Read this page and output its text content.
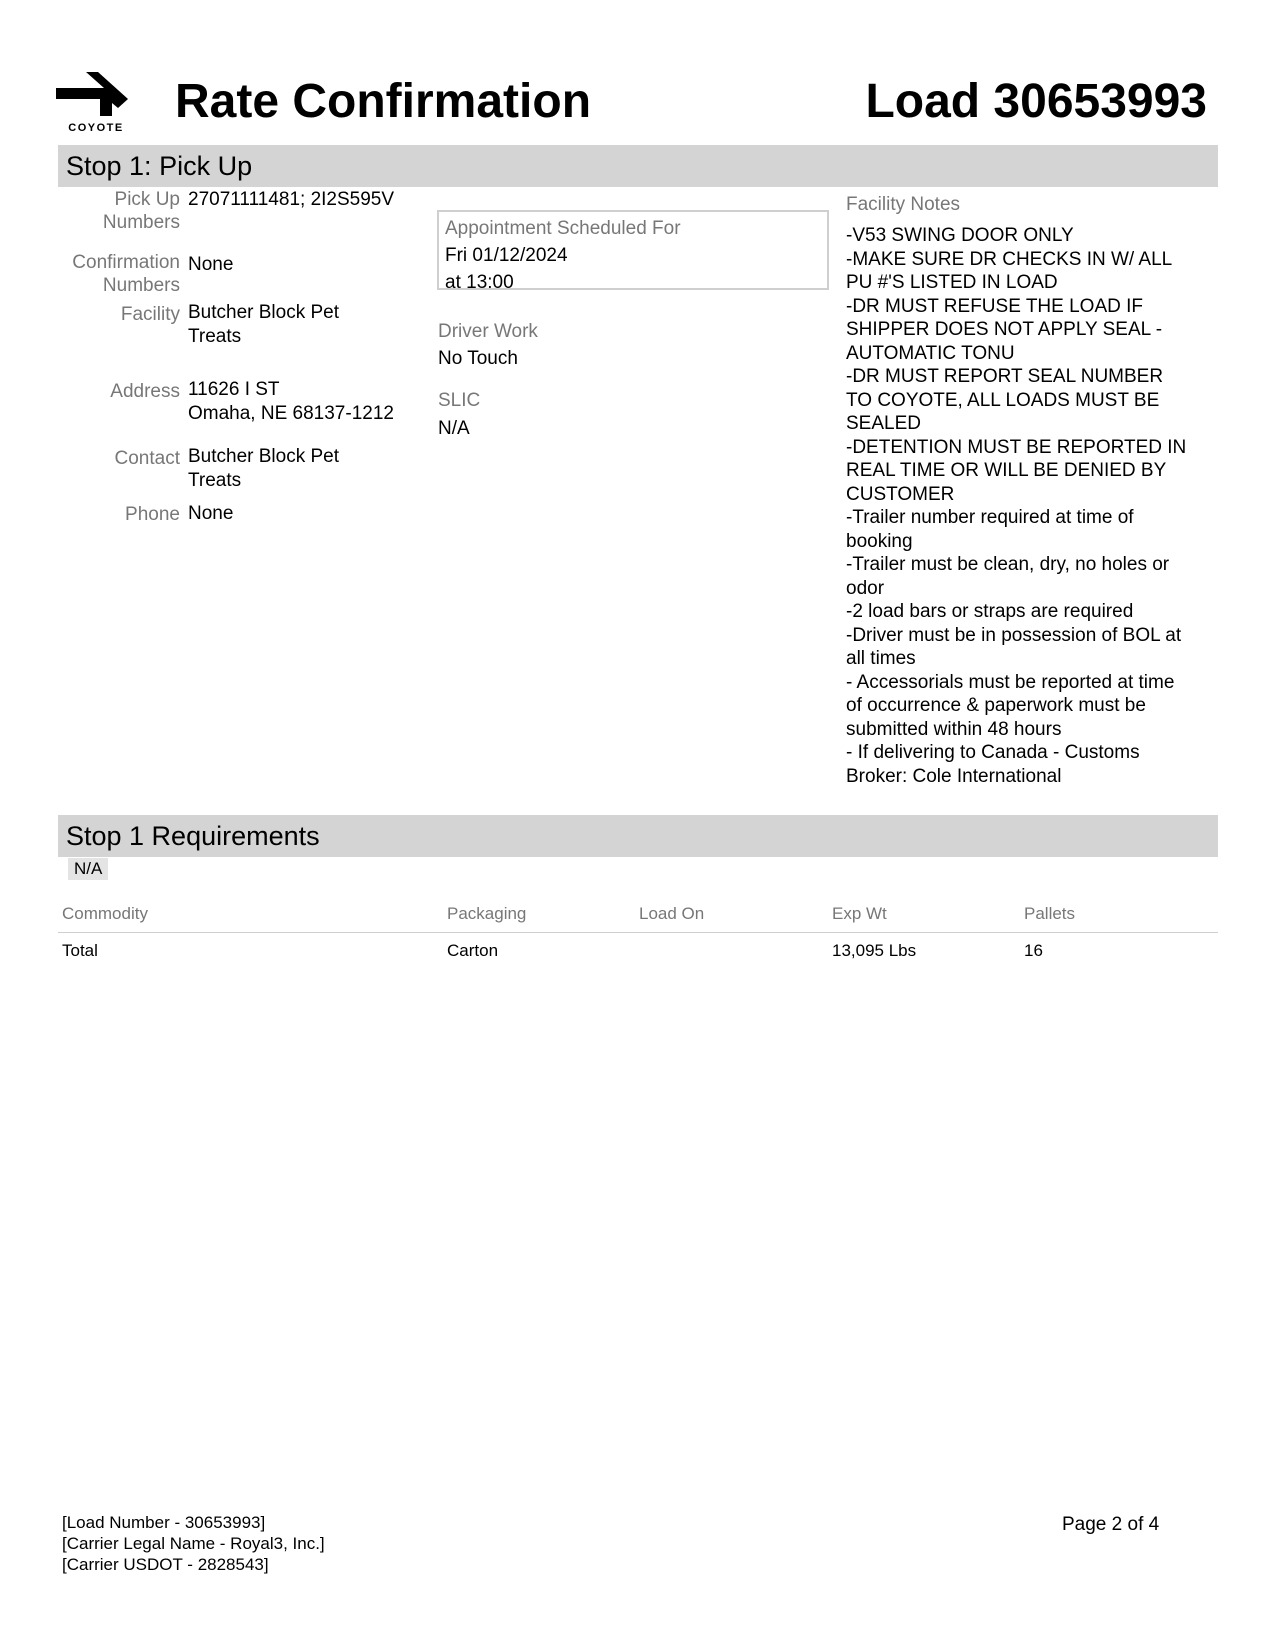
COYOTE Rate Confirmation	Load 30653993
Stop 1: Pick Up
Pick Up
Numbers
27071111481; 2I2S595V
Confirmation
Numbers
None
Facility Butcher Block Pet
Treats
Address 11626 I ST
Omaha, NE 68137-1212
Contact Butcher Block Pet
Treats
Phone None
Appointment Scheduled For
Fri 01/12/2024
at 13:00
Driver Work
No Touch
SLIC
N/A
Facility Notes
-V53 SWING DOOR ONLY
-MAKE SURE DR CHECKS IN W/ ALL
PU #'S LISTED IN LOAD
-DR MUST REFUSE THE LOAD IF
SHIPPER DOES NOT APPLY SEAL -
AUTOMATIC TONU
-DR MUST REPORT SEAL NUMBER
TO COYOTE, ALL LOADS MUST BE
SEALED
-DETENTION MUST BE REPORTED IN
REAL TIME OR WILL BE DENIED BY
CUSTOMER
-Trailer number required at time of
booking
-Trailer must be clean, dry, no holes or
odor
-2 load bars or straps are required
-Driver must be in possession of BOL at
all times
- Accessorials must be reported at time
of occurrence & paperwork must be
submitted within 48 hours
- If delivering to Canada - Customs
Broker: Cole International
Stop 1 Requirements
N/A
Commodity	Packaging	Load On	Exp Wt	Pallets
Total	Carton		13,095 Lbs	16
[Load Number - 30653993]
[Carrier Legal Name - Royal3, Inc.]
[Carrier USDOT - 2828543]
Page 2 of 4
